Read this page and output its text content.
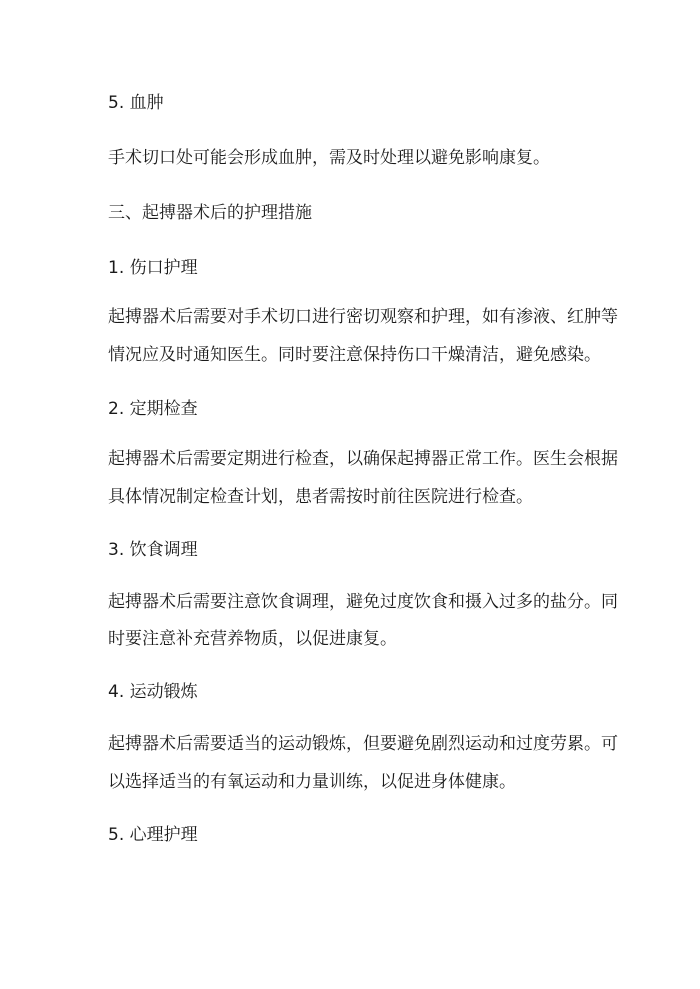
5. 血肿
手术切口处可能会形成血肿，需及时处理以避免影响康复。
三、起搏器术后的护理措施
1. 伤口护理
起搏器术后需要对手术切口进行密切观察和护理，如有渗液、红肿等
情况应及时通知医生。同时要注意保持伤口干燥清洁，避免感染。
2. 定期检查
起搏器术后需要定期进行检查，以确保起搏器正常工作。医生会根据
具体情况制定检查计划，患者需按时前往医院进行检查。
3. 饮食调理
起搏器术后需要注意饮食调理，避免过度饮食和摄入过多的盐分。同
时要注意补充营养物质，以促进康复。
4. 运动锻炼
起搏器术后需要适当的运动锻炼，但要避免剧烈运动和过度劳累。可
以选择适当的有氧运动和力量训练，以促进身体健康。
5. 心理护理
